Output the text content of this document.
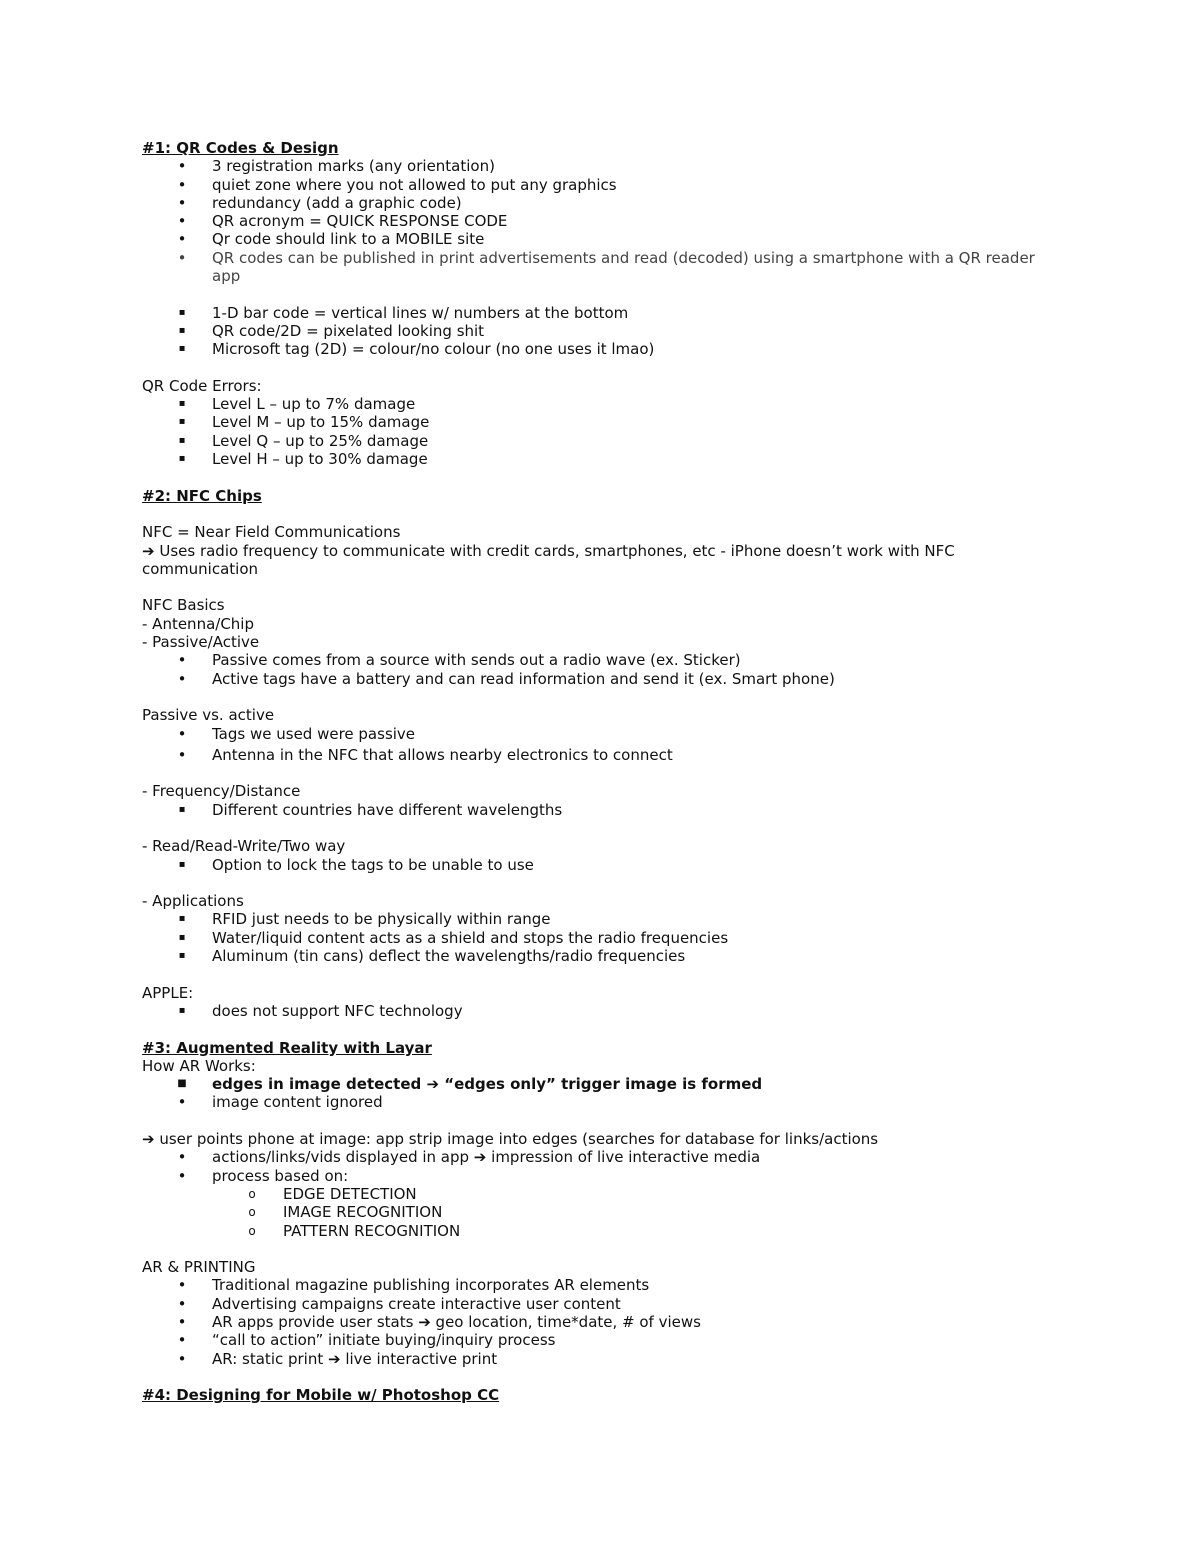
#1: QR Codes & Design
• 3 registration marks (any orientation)
• quiet zone where you not allowed to put any graphics
• redundancy (add a graphic code)
• QR acronym = QUICK RESPONSE CODE
• Qr code should link to a MOBILE site
• QR codes can be published in print advertisements and read (decoded) using a smartphone with a QR reader app
▪	1-D bar code = vertical lines w/ numbers at the bottom
▪	QR code/2D = pixelated looking shit
▪	Microsoft tag (2D) = colour/no colour (no one uses it lmao)
QR Code Errors:
▪	Level L – up to 7% damage
▪	Level M – up to 15% damage
▪	Level Q – up to 25% damage
▪	Level H – up to 30% damage
#2: NFC Chips
NFC = Near Field Communications
➔ Uses radio frequency to communicate with credit cards, smartphones, etc - iPhone doesn’t work with NFC communication
NFC Basics
- Antenna/Chip
- Passive/Active
• Passive comes from a source with sends out a radio wave (ex. Sticker)
• Active tags have a battery and can read information and send it (ex. Smart phone)
Passive vs. active
• Tags we used were passive
• Antenna in the NFC that allows nearby electronics to connect
- Frequency/Distance
▪	Different countries have different wavelengths
- Read/Read-Write/Two way
▪	Option to lock the tags to be unable to use
- Applications
▪	RFID just needs to be physically within range
▪	Water/liquid content acts as a shield and stops the radio frequencies
▪	Aluminum (tin cans) deflect the wavelengths/radio frequencies
APPLE:
▪	does not support NFC technology
#3: Augmented Reality with Layar
How AR Works:
■ edges in image detected ➔ “edges only” trigger image is formed
• image content ignored
➔ user points phone at image: app strip image into edges (searches for database for links/actions
• actions/links/vids displayed in app ➔ impression of live interactive media
• process based on:
o EDGE DETECTION
o IMAGE RECOGNITION
o PATTERN RECOGNITION
AR & PRINTING
• Traditional magazine publishing incorporates AR elements
• Advertising campaigns create interactive user content
• AR apps provide user stats ➔ geo location, time*date, # of views
• “call to action” initiate buying/inquiry process
• AR: static print ➔ live interactive print
#4: Designing for Mobile w/ Photoshop CC
